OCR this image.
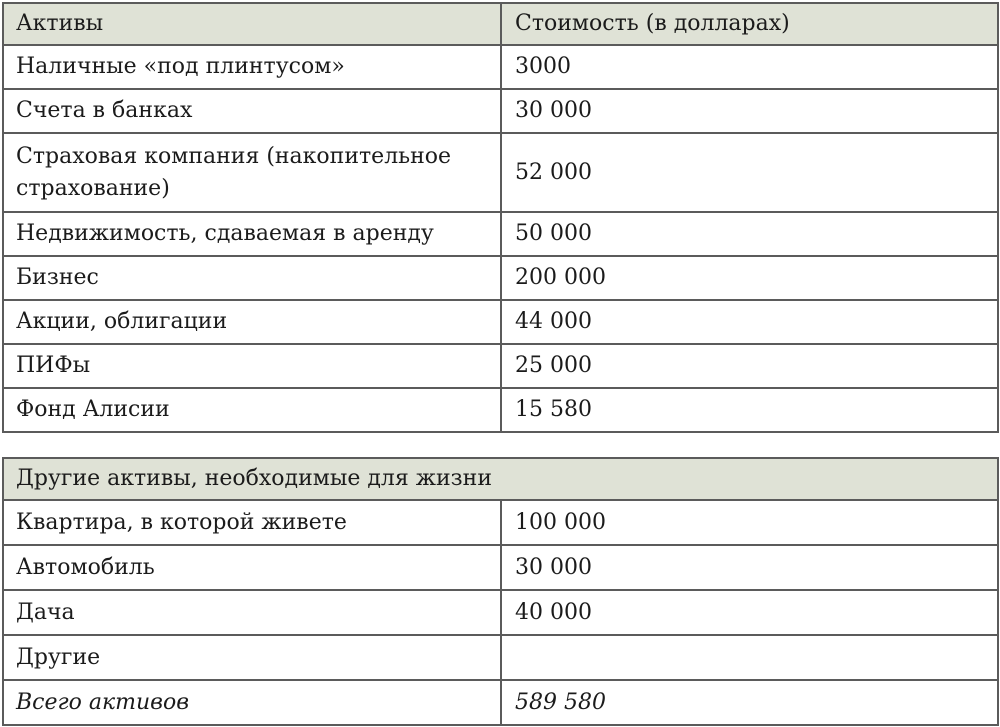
Активы	Стоимость (в долларах)
Наличные «под плинтусом»	3000
Счета в банках	30 000
Страховая компания (накопительное страхование)	52 000
Недвижимость, сдаваемая в аренду	50 000
Бизнес	200 000
Акции, облигации	44 000
ПИФы	25 000
Фонд Алисии	15 580
Другие активы, необходимые для жизни	
Квартира, в которой живете	100 000
Автомобиль	30 000
Дача	40 000
Другие	
Всего активов	589 580
